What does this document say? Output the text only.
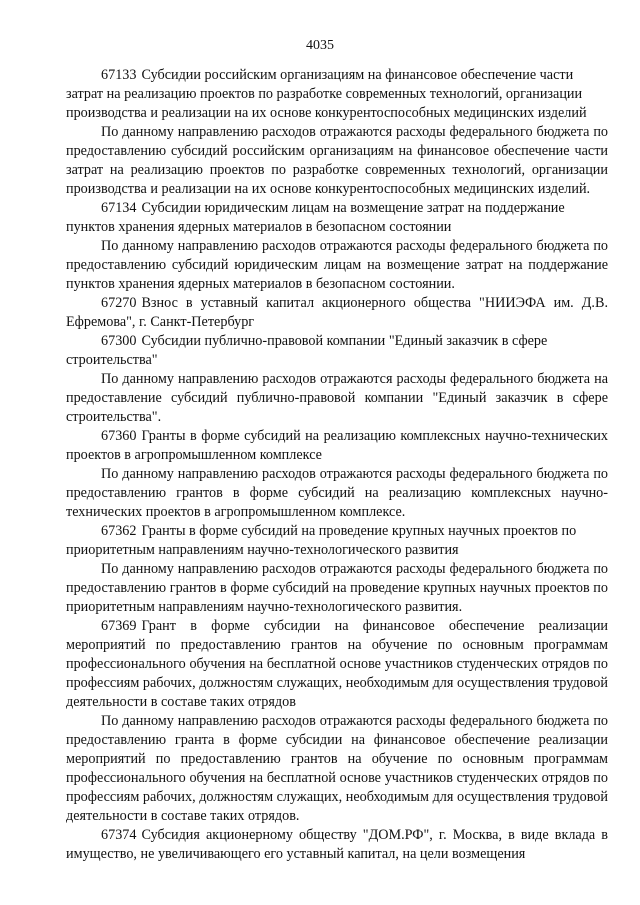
4035

67133 Субсидии российским организациям на финансовое обеспечение части затрат на реализацию проектов по разработке современных технологий, организации производства и реализации на их основе конкурентоспособных медицинских изделий

По данному направлению расходов отражаются расходы федерального бюджета по предоставлению субсидий российским организациям на финансовое обеспечение части затрат на реализацию проектов по разработке современных технологий, организации производства и реализации на их основе конкурентоспособных медицинских изделий.

67134 Субсидии юридическим лицам на возмещение затрат на поддержание пунктов хранения ядерных материалов в безопасном состоянии

По данному направлению расходов отражаются расходы федерального бюджета по предоставлению субсидий юридическим лицам на возмещение затрат на поддержание пунктов хранения ядерных материалов в безопасном состоянии.

67270 Взнос в уставный капитал акционерного общества "НИИЭФА им. Д.В. Ефремова", г. Санкт-Петербург

67300 Субсидии публично-правовой компании "Единый заказчик в сфере строительства"

По данному направлению расходов отражаются расходы федерального бюджета на предоставление субсидий публично-правовой компании "Единый заказчик в сфере строительства".

67360 Гранты в форме субсидий на реализацию комплексных научно-технических проектов в агропромышленном комплексе

По данному направлению расходов отражаются расходы федерального бюджета по предоставлению грантов в форме субсидий на реализацию комплексных научно-технических проектов в агропромышленном комплексе.

67362 Гранты в форме субсидий на проведение крупных научных проектов по приоритетным направлениям научно-технологического развития

По данному направлению расходов отражаются расходы федерального бюджета по предоставлению грантов в форме субсидий на проведение крупных научных проектов по приоритетным направлениям научно-технологического развития.

67369 Грант в форме субсидии на финансовое обеспечение реализации мероприятий по предоставлению грантов на обучение по основным программам профессионального обучения на бесплатной основе участников студенческих отрядов по профессиям рабочих, должностям служащих, необходимым для осуществления трудовой деятельности в составе таких отрядов

По данному направлению расходов отражаются расходы федерального бюджета по предоставлению гранта в форме субсидии на финансовое обеспечение реализации мероприятий по предоставлению грантов на обучение по основным программам профессионального обучения на бесплатной основе участников студенческих отрядов по профессиям рабочих, должностям служащих, необходимым для осуществления трудовой деятельности в составе таких отрядов.

67374 Субсидия акционерному обществу "ДОМ.РФ", г. Москва, в виде вклада в имущество, не увеличивающего его уставный капитал, на цели возмещения
